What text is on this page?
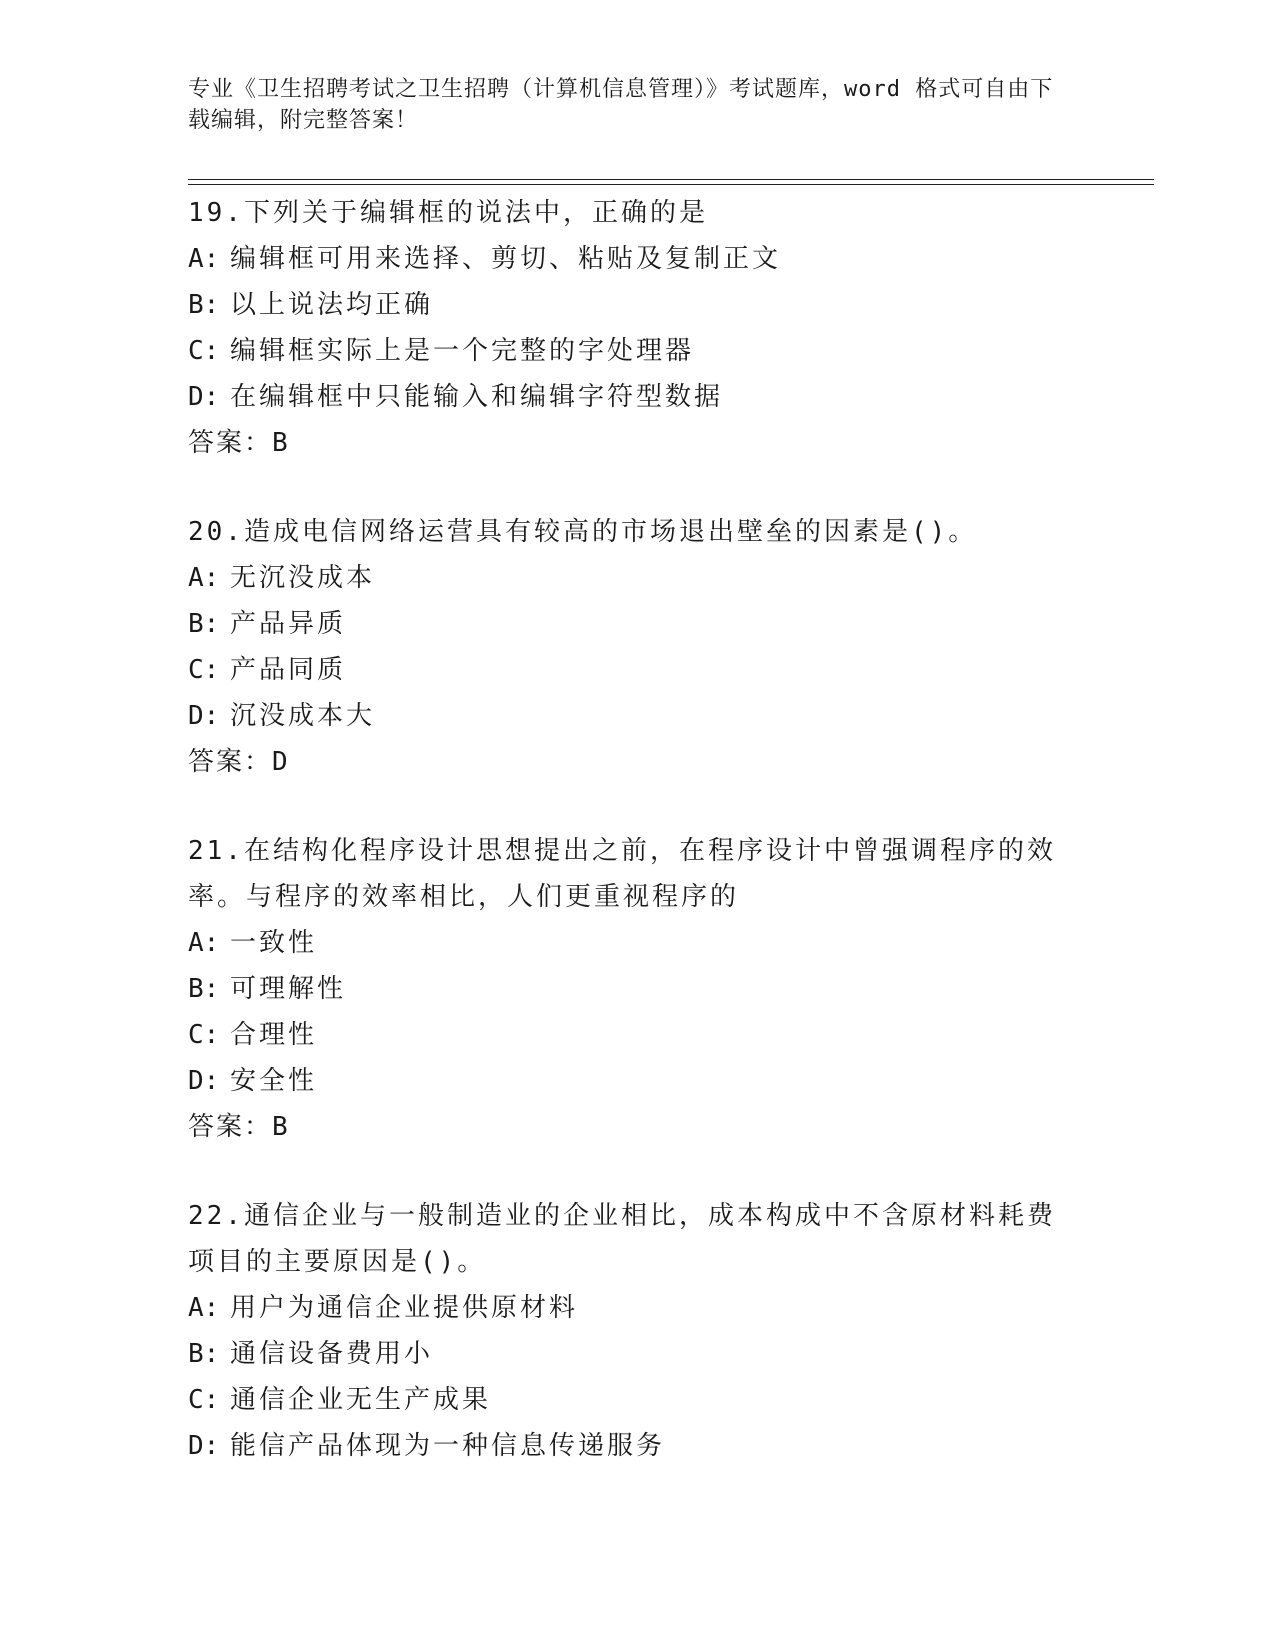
专业《卫生招聘考试之卫生招聘（计算机信息管理）》考试题库，word 格式可自由下载编辑，附完整答案！
19.下列关于编辑框的说法中，正确的是
A: 编辑框可用来选择、剪切、粘贴及复制正文
B: 以上说法均正确
C: 编辑框实际上是一个完整的字处理器
D: 在编辑框中只能输入和编辑字符型数据
答案：B
20.造成电信网络运营具有较高的市场退出壁垒的因素是()。
A: 无沉没成本
B: 产品异质
C: 产品同质
D: 沉没成本大
答案：D
21.在结构化程序设计思想提出之前，在程序设计中曾强调程序的效率。与程序的效率相比，人们更重视程序的
A: 一致性
B: 可理解性
C: 合理性
D: 安全性
答案：B
22.通信企业与一般制造业的企业相比，成本构成中不含原材料耗费项目的主要原因是()。
A: 用户为通信企业提供原材料
B: 通信设备费用小
C: 通信企业无生产成果
D: 能信产品体现为一种信息传递服务
